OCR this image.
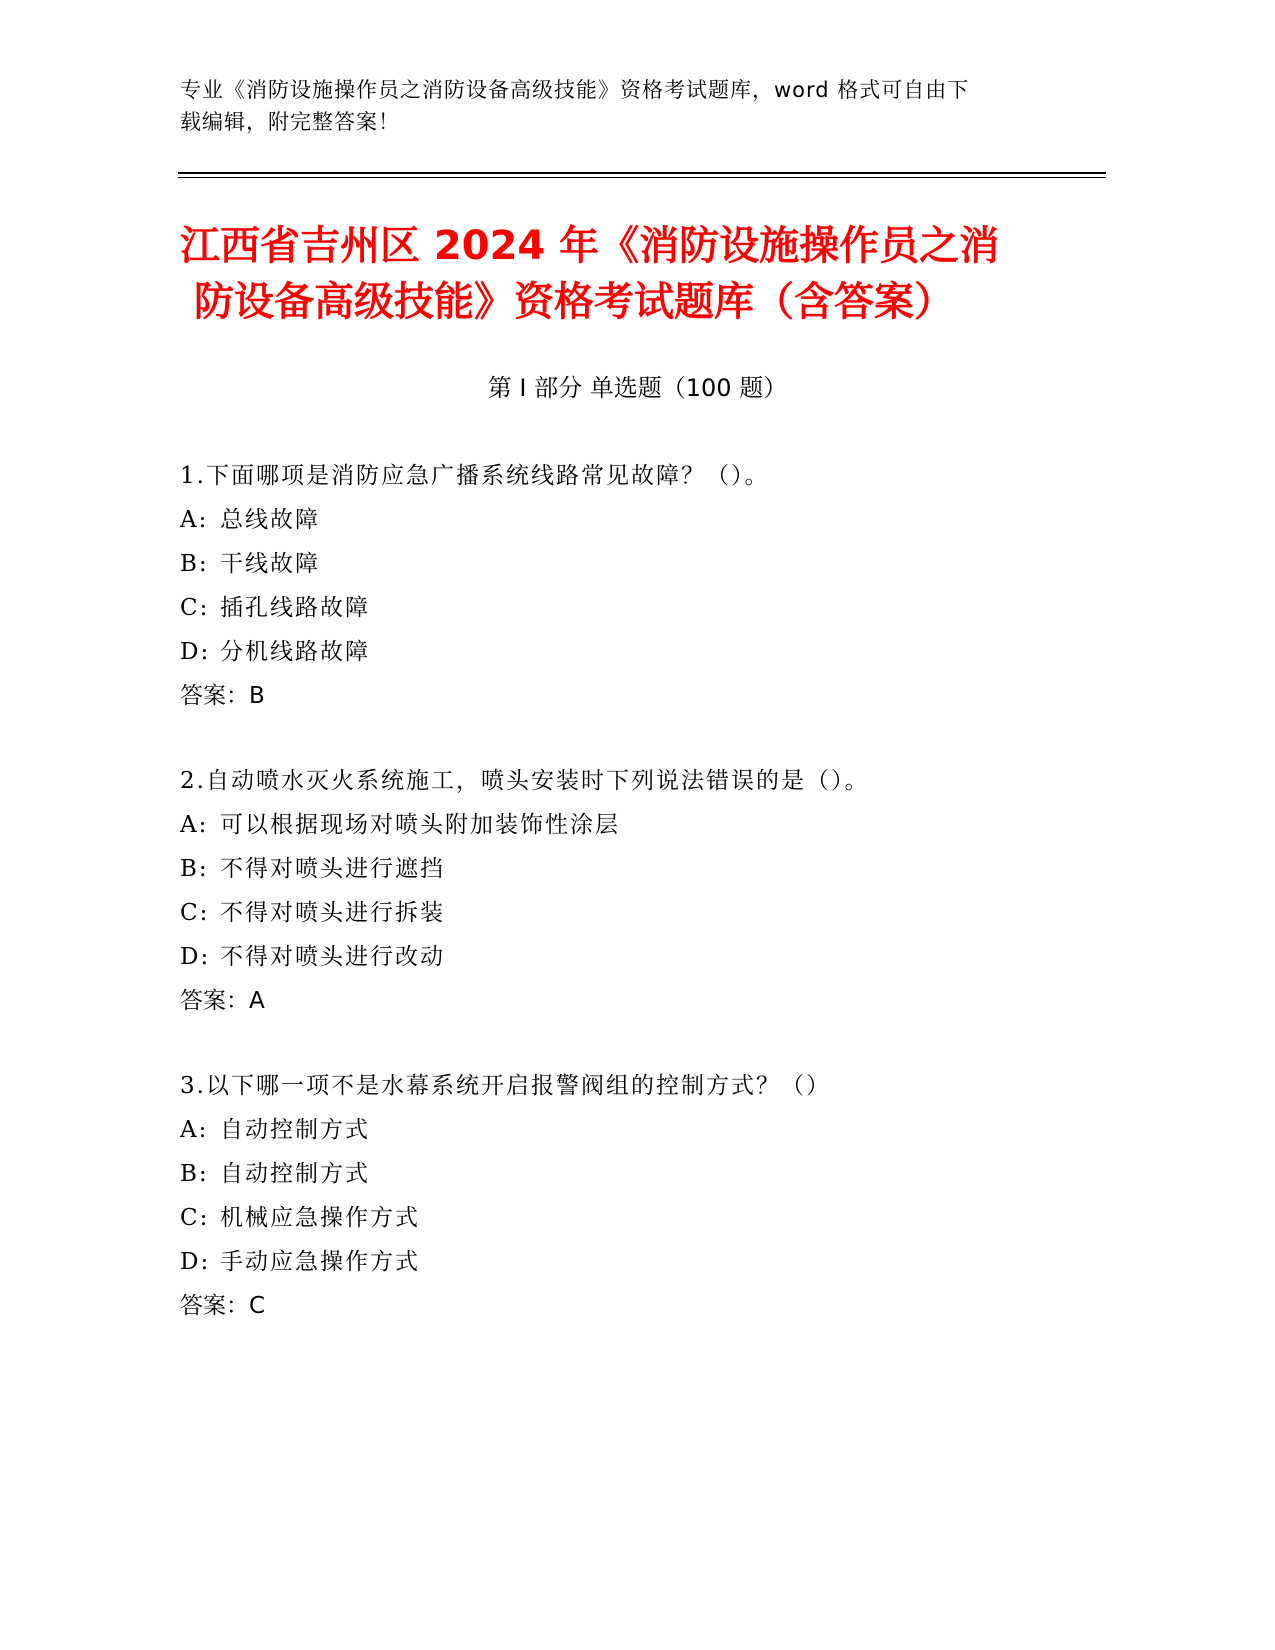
专业《消防设施操作员之消防设备高级技能》资格考试题库，word 格式可自由下
载编辑，附完整答案！
江西省吉州区 2024 年《消防设施操作员之消
防设备高级技能》资格考试题库（含答案）
第 I 部分 单选题（100 题）
1.下面哪项是消防应急广播系统线路常见故障？（）。
A: 总线故障
B: 干线故障
C: 插孔线路故障
D: 分机线路故障
答案：B
2.自动喷水灭火系统施工，喷头安装时下列说法错误的是（）。
A: 可以根据现场对喷头附加装饰性涂层
B: 不得对喷头进行遮挡
C: 不得对喷头进行拆装
D: 不得对喷头进行改动
答案：A
3.以下哪一项不是水幕系统开启报警阀组的控制方式？（）
A: 自动控制方式
B: 自动控制方式
C: 机械应急操作方式
D: 手动应急操作方式
答案：C
